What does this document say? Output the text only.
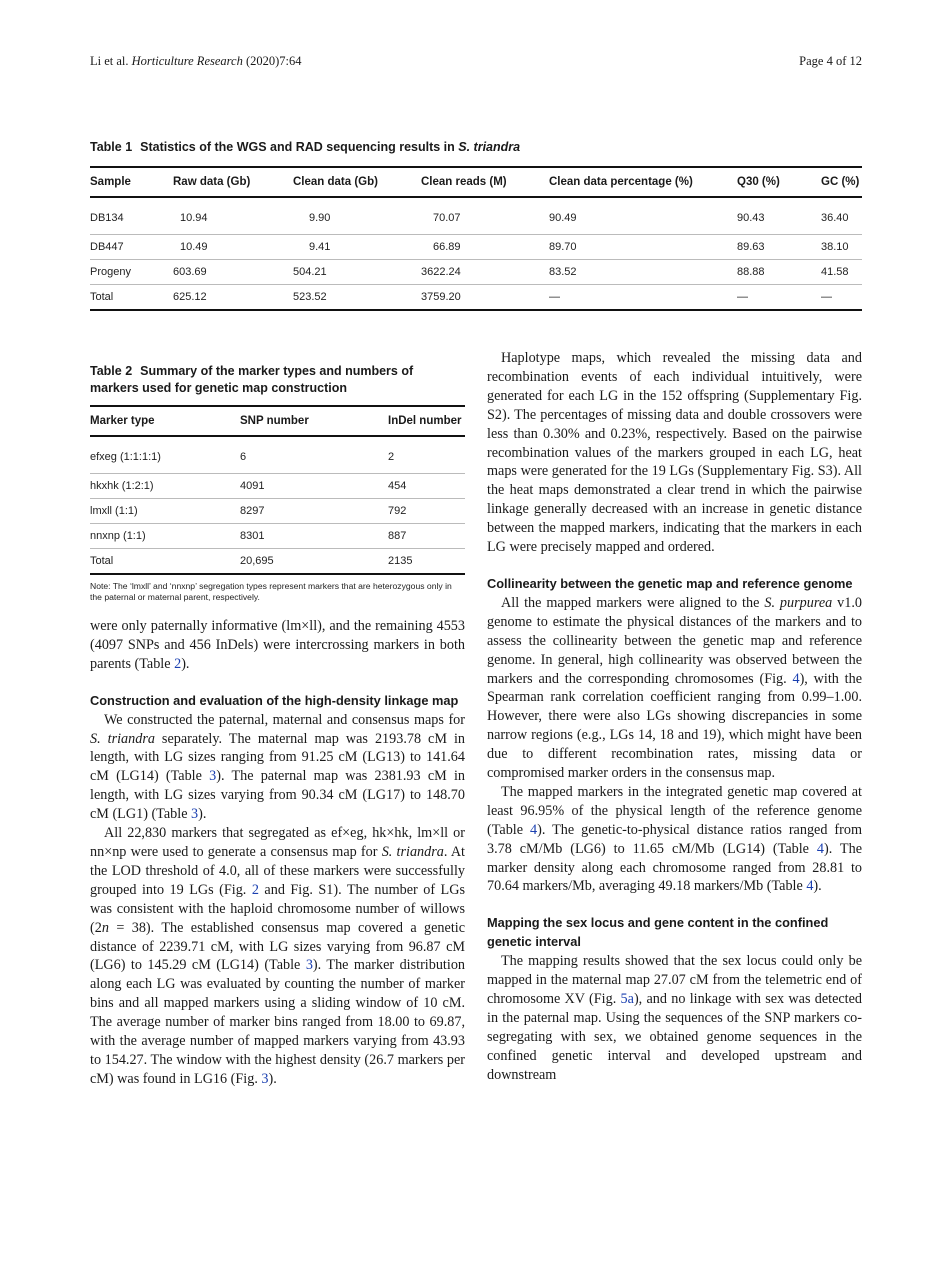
Li et al. Horticulture Research (2020)7:64	Page 4 of 12
Table 1 Statistics of the WGS and RAD sequencing results in S. triandra
Sample	Raw data (Gb)	Clean data (Gb)	Clean reads (M)	Clean data percentage (%)	Q30 (%)	GC (%)
DB134	10.94	9.90	70.07	90.49	90.43	36.40
DB447	10.49	9.41	66.89	89.70	89.63	38.10
Progeny	603.69	504.21	3622.24	83.52	88.88	41.58
Total	625.12	523.52	3759.20	—	—	—
Table 2 Summary of the marker types and numbers of markers used for genetic map construction
Marker type	SNP number	InDel number
efxeg (1:1:1:1)	6	2
hkxhk (1:2:1)	4091	454
lmxll (1:1)	8297	792
nnxnp (1:1)	8301	887
Total	20,695	2135
Note: The ‘lmxll’ and ‘nnxnp’ segregation types represent markers that are heterozygous only in the paternal or maternal parent, respectively.

were only paternally informative (lm×ll), and the remaining 4553 (4097 SNPs and 456 InDels) were intercrossing markers in both parents (Table 2).

Construction and evaluation of the high-density linkage map

We constructed the paternal, maternal and consensus maps for S. triandra separately. The maternal map was 2193.78 cM in length, with LG sizes ranging from 91.25 cM (LG13) to 141.64 cM (LG14) (Table 3). The paternal map was 2381.93 cM in length, with LG sizes varying from 90.34 cM (LG17) to 148.70 cM (LG1) (Table 3).

All 22,830 markers that segregated as ef×eg, hk×hk, lm×ll or nn×np were used to generate a consensus map for S. triandra. At the LOD threshold of 4.0, all of these markers were successfully grouped into 19 LGs (Fig. 2 and Fig. S1). The number of LGs was consistent with the haploid chromosome number of willows (2n = 38). The established consensus map covered a genetic distance of 2239.71 cM, with LG sizes varying from 96.87 cM (LG6) to 145.29 cM (LG14) (Table 3). The marker distribution along each LG was evaluated by counting the number of marker bins and all mapped markers using a sliding window of 10 cM. The average number of marker bins ranged from 18.00 to 69.87, with the average number of mapped markers varying from 43.93 to 154.27. The window with the highest density (26.7 markers per cM) was found in LG16 (Fig. 3).

Haplotype maps, which revealed the missing data and recombination events of each individual intuitively, were generated for each LG in the 152 offspring (Supplementary Fig. S2). The percentages of missing data and double crossovers were less than 0.30% and 0.23%, respectively. Based on the pairwise recombination values of the markers grouped in each LG, heat maps were generated for the 19 LGs (Supplementary Fig. S3). All the heat maps demonstrated a clear trend in which the pairwise linkage generally decreased with an increase in genetic distance between the mapped markers, indicating that the markers in each LG were precisely mapped and ordered.

Collinearity between the genetic map and reference genome

All the mapped markers were aligned to the S. purpurea v1.0 genome to estimate the physical distances of the markers and to assess the collinearity between the genetic map and reference genome. In general, high collinearity was observed between the markers and the corresponding chromosomes (Fig. 4), with the Spearman rank correlation coefficient ranging from 0.99–1.00. However, there were also LGs showing discrepancies in some narrow regions (e.g., LGs 14, 18 and 19), which might have been due to different recombination rates, missing data or compromised marker orders in the consensus map.

The mapped markers in the integrated genetic map covered at least 96.95% of the physical length of the reference genome (Table 4). The genetic-to-physical distance ratios ranged from 3.78 cM/Mb (LG6) to 11.65 cM/Mb (LG14) (Table 4). The marker density along each chromosome ranged from 28.81 to 70.64 markers/Mb, averaging 49.18 markers/Mb (Table 4).

Mapping the sex locus and gene content in the confined genetic interval

The mapping results showed that the sex locus could only be mapped in the maternal map 27.07 cM from the telemetric end of chromosome XV (Fig. 5a), and no linkage with sex was detected in the paternal map. Using the sequences of the SNP markers co-segregating with sex, we obtained genome sequences in the confined genetic interval and developed upstream and downstream
